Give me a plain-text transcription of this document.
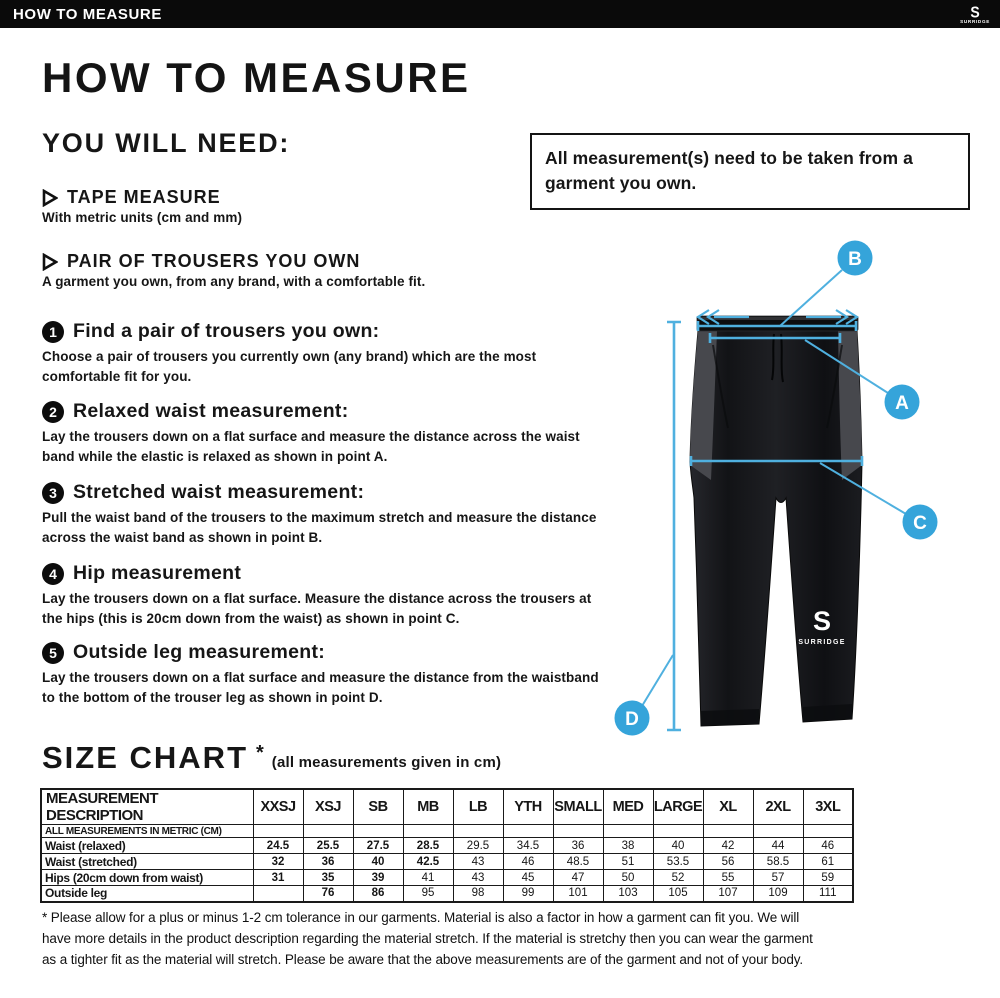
HOW TO MEASURE	S
SURRIDGE
HOW TO MEASURE
YOU WILL NEED:	All measurement(s) need to be taken from a garment you own.
TAPE MEASURE
With metric units (cm and mm)
PAIR OF TROUSERS YOU OWN
A garment you own, from any brand, with a comfortable fit.
1 Find a pair of trousers you own:
Choose a pair of trousers you currently own (any brand) which are the most comfortable fit for you.
2 Relaxed waist measurement:
Lay the trousers down on a flat surface and measure the distance across the waist band while the elastic is relaxed as shown in point A.
3 Stretched waist measurement:
Pull the waist band of the trousers to the maximum stretch and measure the distance across the waist band as shown in point B.
4 Hip measurement
Lay the trousers down on a flat surface. Measure the distance across the trousers at the hips (this is 20cm down from the waist) as shown in point C.
5 Outside leg measurement:
Lay the trousers down on a flat surface and measure the distance from the waistband to the bottom of the trouser leg as shown in point D.
S
SURRIDGE
B
A
C
D
SIZE CHART * (all measurements given in cm)
MEASUREMENT DESCRIPTION	XXSJ	XSJ	SB	MB	LB	YTH	SMALL	MED	LARGE	XL	2XL	3XL
ALL MEASUREMENTS IN METRIC (CM)												
Waist (relaxed)	24.5	25.5	27.5	28.5	29.5	34.5	36	38	40	42	44	46
Waist (stretched)	32	36	40	42.5	43	46	48.5	51	53.5	56	58.5	61
Hips (20cm down from waist)	31	35	39	41	43	45	47	50	52	55	57	59
Outside leg		76	86	95	98	99	101	103	105	107	109	111
* Please allow for a plus or minus 1-2 cm tolerance in our garments. Material is also a factor in how a garment can fit you. We will have more details in the product description regarding the material stretch. If the material is stretchy then you can wear the garment as a tighter fit as the material will stretch. Please be aware that the above measurements are of the garment and not of your body.
